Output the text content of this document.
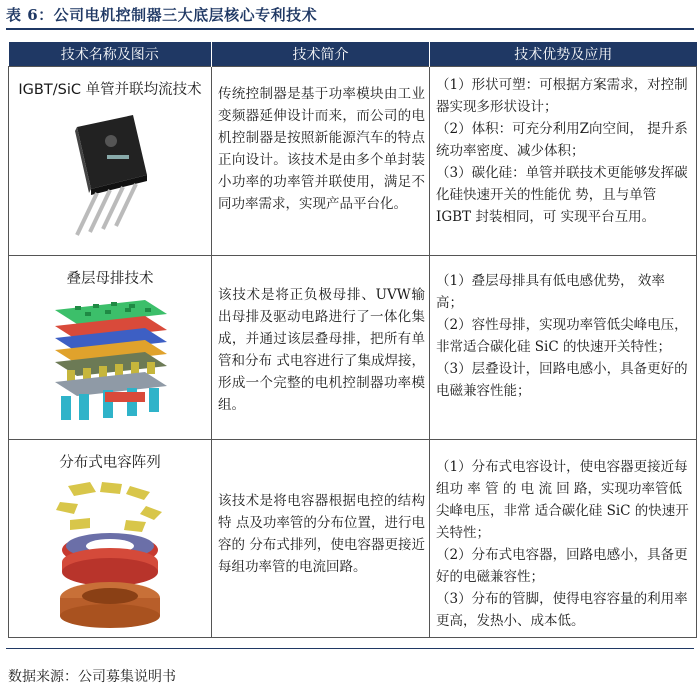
表 6：公司电机控制器三大底层核心专利技术
技术名称及图示	技术简介	技术优势及应用

IGBT/SiC 单管并联均流技术	传统控制器是基于功率模块由工业变频器延伸设计而来，而公司的电机控制器是按照新能源汽车的特点正向设计。该技术是由多个单封装小功率的功率管并联使用，满足不同功率需求，实现产品平台化。	（1）形状可塑：可根据方案需求，对控制器实现多形状设计；

（2）体积：可充分利用Z向空间， 提升系统功率密度、减少体积；

（3）碳化硅：单管并联技术更能够发挥碳化硅快速开关的性能优 势，且与单管 IGBT 封装相同，可 实现平台互用。

叠层母排技术	该技术是将正负极母排、UVW输出母排及驱动电路进行了一体化集成，并通过该层叠母排，把所有单管和分布 式电容进行了集成焊接，形成一个完整的电机控制器功率模组。	（1）叠层母排具有低电感优势， 效率高；

（2）容性母排，实现功率管低尖峰电压，非常适合碳化硅 SiC 的快速开关特性；

（3）层叠设计，回路电感小，具备更好的电磁兼容性能；

分布式电容阵列	该技术是将电容器根据电控的结构特 点及功率管的分布位置，进行电容的 分布式排列，使电容器更接近每组功率管的电流回路。	（1）分布式电容设计，使电容器更接近每组功 率 管 的 电 流 回 路，实现功率管低尖峰电压，非常 适合碳化硅 SiC 的快速开关特性；

（2）分布式电容器，回路电感小，具备更好的电磁兼容性；

（3）分布的管脚，使得电容容量的利用率更高，发热小、成本低。

数据来源：公司募集说明书
